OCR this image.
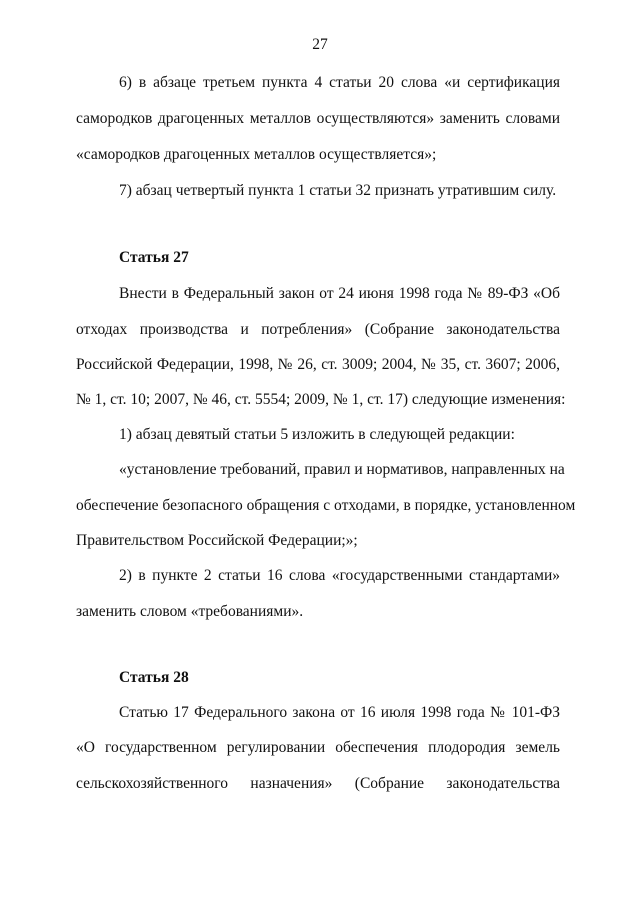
27
6) в абзаце третьем пункта 4 статьи 20 слова «и сертификация
самородков драгоценных металлов осуществляются» заменить словами
«самородков драгоценных металлов осуществляется»;
7) абзац четвертый пункта 1 статьи 32 признать утратившим силу.
Статья 27
Внести в Федеральный закон от 24 июня 1998 года № 89-ФЗ «Об
отходах производства и потребления» (Собрание законодательства
Российской Федерации, 1998, № 26, ст. 3009; 2004, № 35, ст. 3607; 2006,
№ 1, ст. 10; 2007, № 46, ст. 5554; 2009, № 1, ст. 17) следующие изменения:
1) абзац девятый статьи 5 изложить в следующей редакции:
«установление требований, правил и нормативов, направленных на
обеспечение безопасного обращения с отходами, в порядке, установленном
Правительством Российской Федерации;»;
2) в пункте 2 статьи 16 слова «государственными стандартами»
заменить словом «требованиями».
Статья 28
Статью 17 Федерального закона от 16 июля 1998 года № 101-ФЗ
«О государственном регулировании обеспечения плодородия земель
сельскохозяйственного назначения» (Собрание законодательства
